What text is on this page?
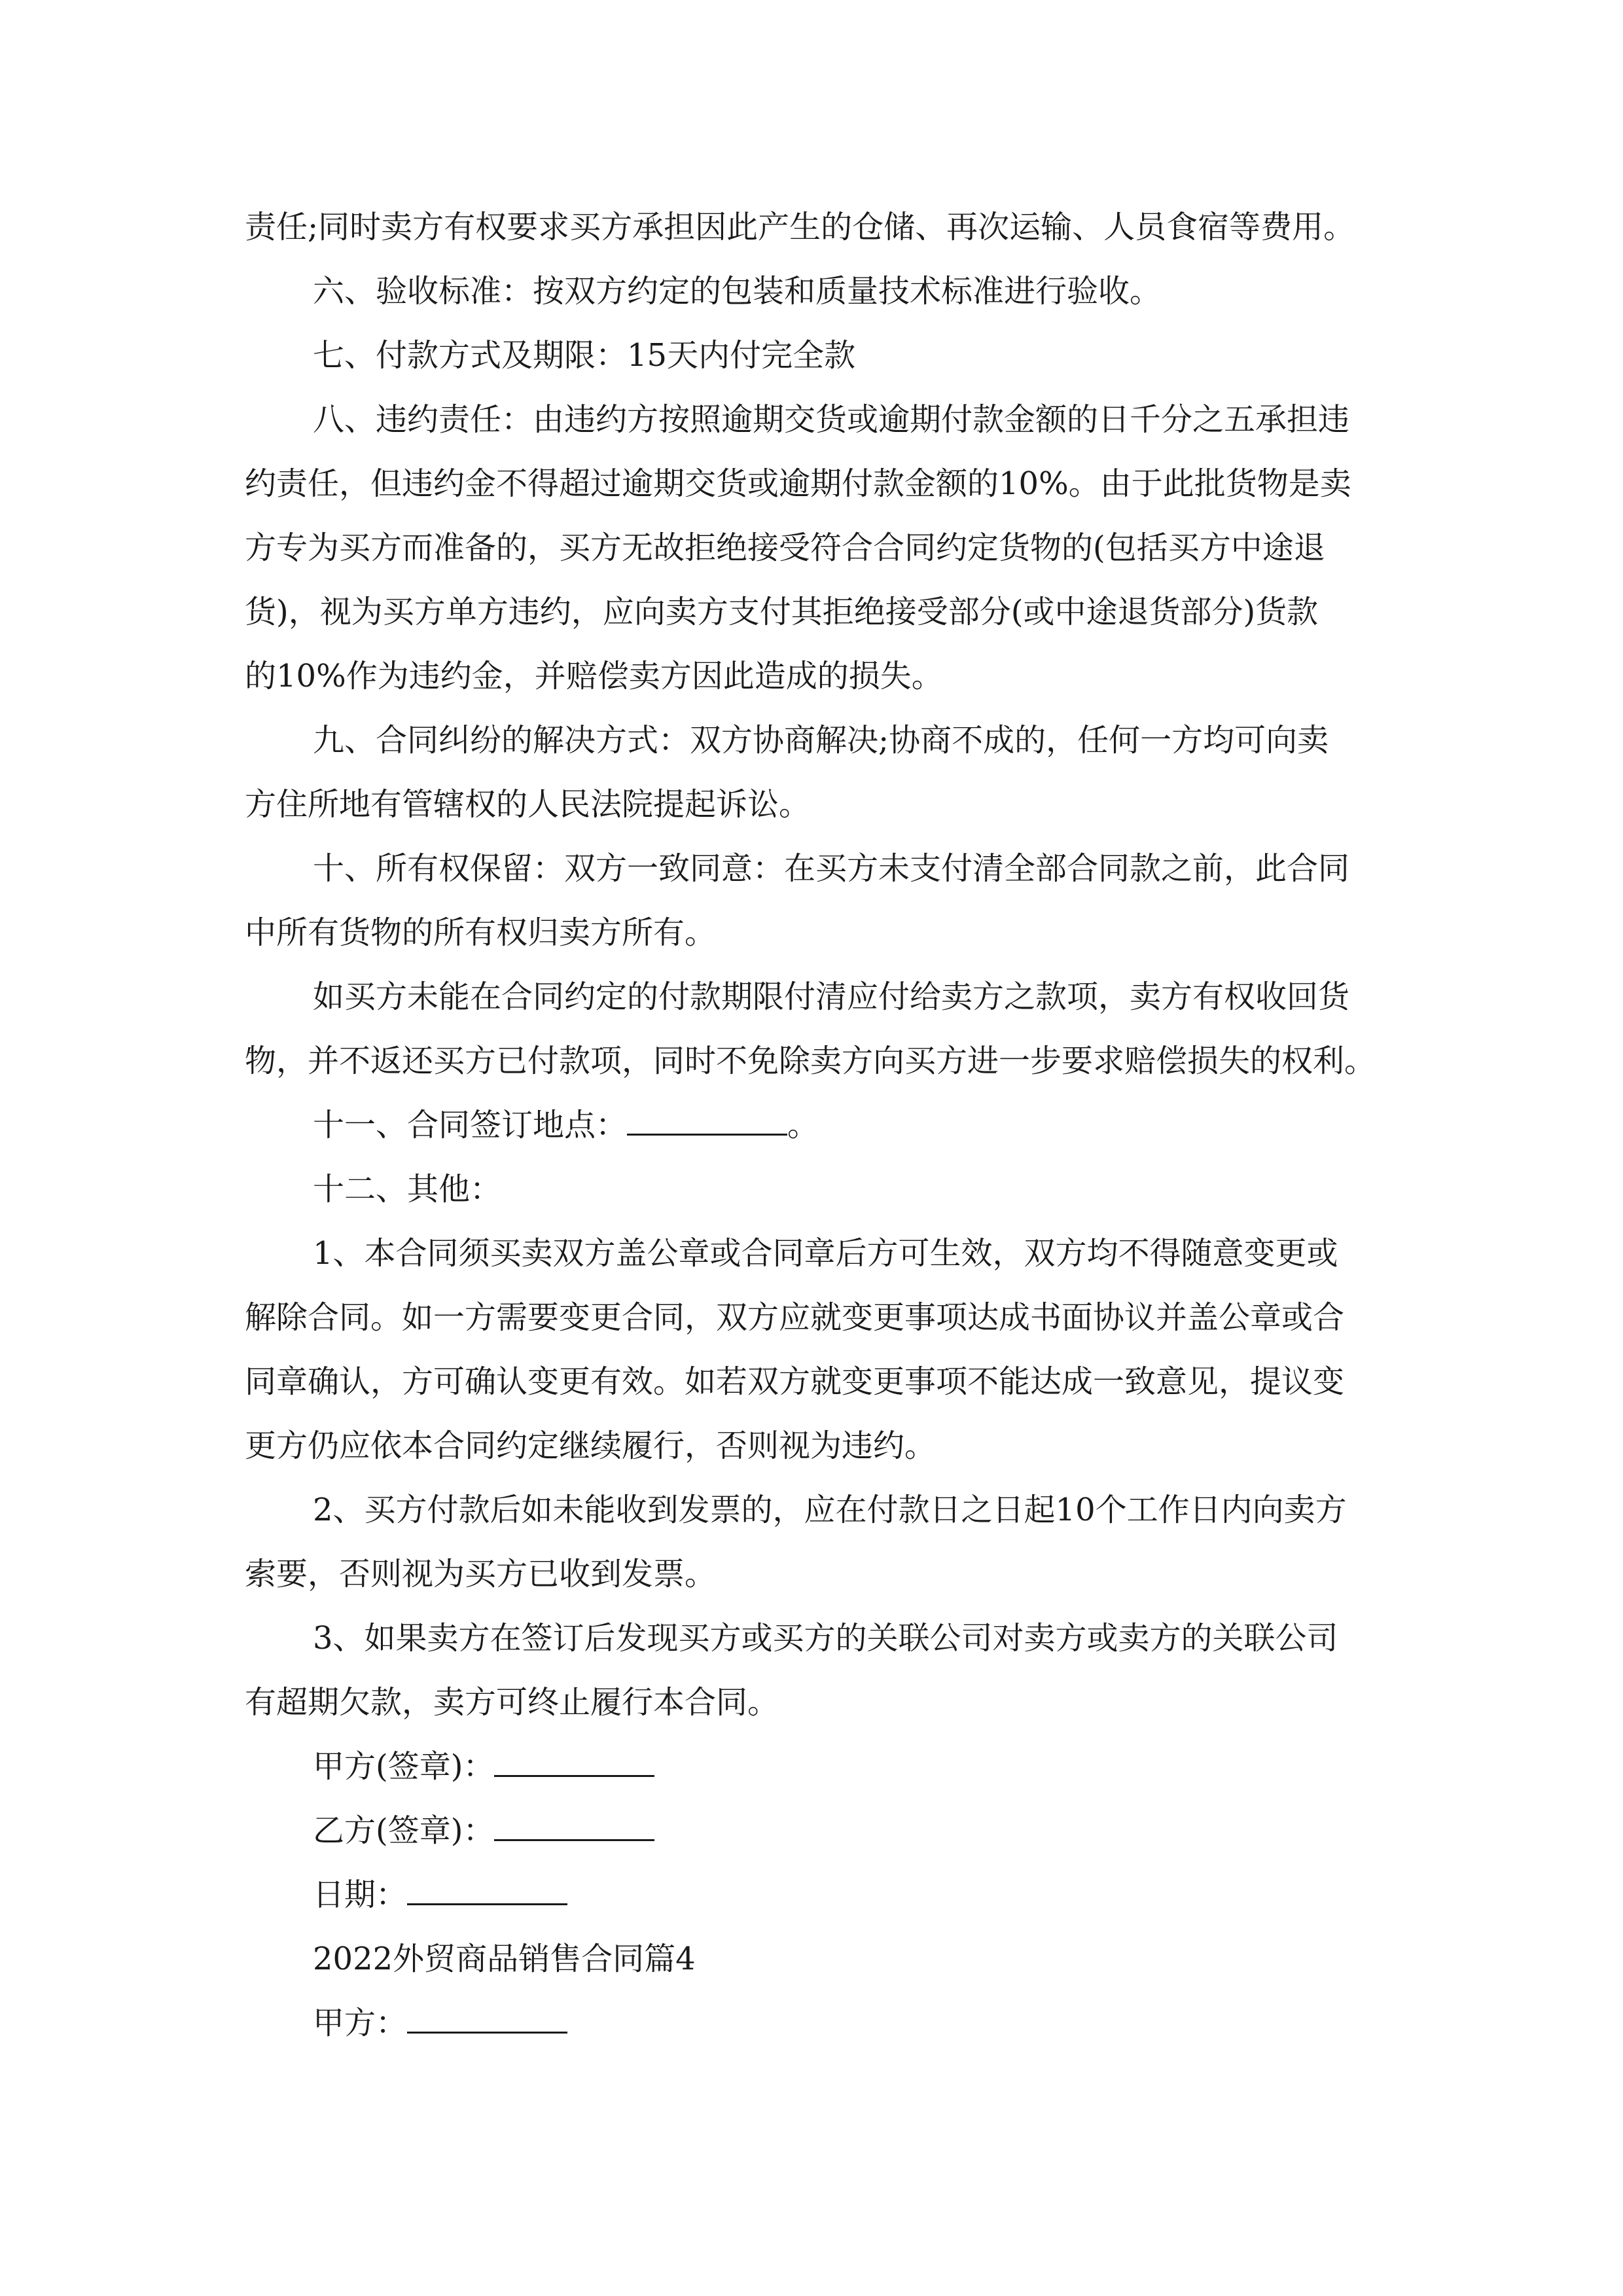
责任;同时卖方有权要求买方承担因此产生的仓储、再次运输、人员食宿等费用。
六、验收标准：按双方约定的包装和质量技术标准进行验收。
七、付款方式及期限：15天内付完全款
八、违约责任：由违约方按照逾期交货或逾期付款金额的日千分之五承担违
约责任，但违约金不得超过逾期交货或逾期付款金额的10%。由于此批货物是卖
方专为买方而准备的，买方无故拒绝接受符合合同约定货物的(包括买方中途退
货)，视为买方单方违约，应向卖方支付其拒绝接受部分(或中途退货部分)货款
的10%作为违约金，并赔偿卖方因此造成的损失。
九、合同纠纷的解决方式：双方协商解决;协商不成的，任何一方均可向卖
方住所地有管辖权的人民法院提起诉讼。
十、所有权保留：双方一致同意：在买方未支付清全部合同款之前，此合同
中所有货物的所有权归卖方所有。
如买方未能在合同约定的付款期限付清应付给卖方之款项，卖方有权收回货
物，并不返还买方已付款项，同时不免除卖方向买方进一步要求赔偿损失的权利。
十一、合同签订地点：	。
十二、其他：
1、本合同须买卖双方盖公章或合同章后方可生效，双方均不得随意变更或
解除合同。如一方需要变更合同，双方应就变更事项达成书面协议并盖公章或合
同章确认，方可确认变更有效。如若双方就变更事项不能达成一致意见，提议变
更方仍应依本合同约定继续履行，否则视为违约。
2、买方付款后如未能收到发票的，应在付款日之日起10个工作日内向卖方
索要，否则视为买方已收到发票。
3、如果卖方在签订后发现买方或买方的关联公司对卖方或卖方的关联公司
有超期欠款，卖方可终止履行本合同。
甲方(签章)：
乙方(签章)：
日期：
2022外贸商品销售合同篇4
甲方：
